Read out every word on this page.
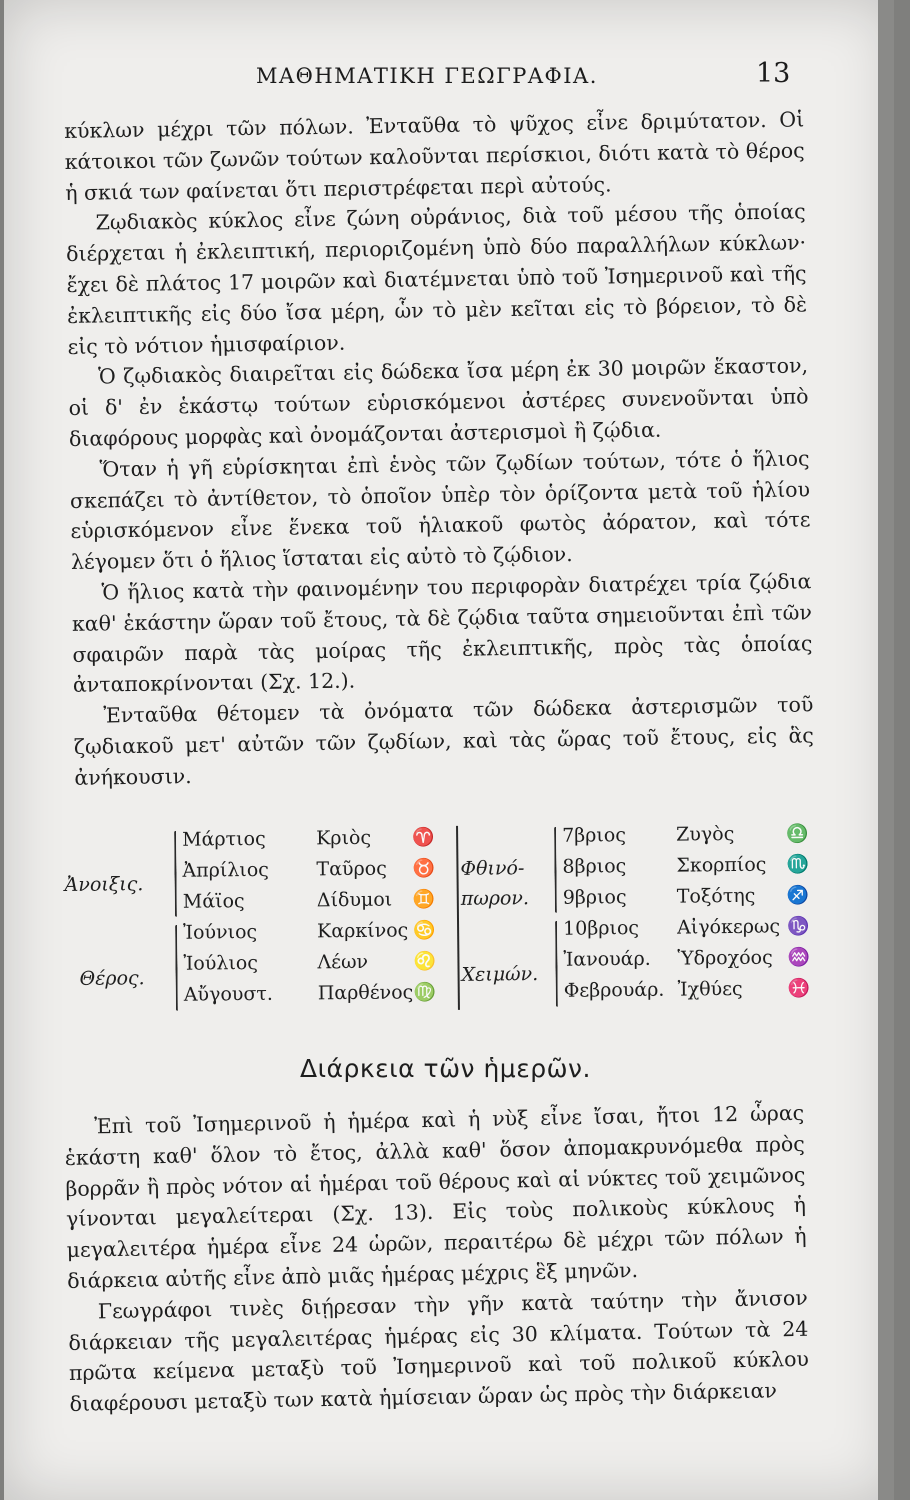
ΜΑΘΗΜΑΤΙΚΗ ΓΕΩΓΡΑΦΙΑ.	13

κύκλων μέχρι τῶν πόλων. Ἐνταῦθα τὸ ψῦχος εἶνε δριμύτατον. Οἱ κάτοικοι τῶν ζωνῶν τούτων καλοῦνται περίσκιοι, διότι κατὰ τὸ θέρος ἡ σκιά των φαίνεται ὅτι περιστρέφεται περὶ αὐτούς.

Ζῳδιακὸς κύκλος εἶνε ζώνη οὐράνιος, διὰ τοῦ μέσου τῆς ὁποίας διέρχεται ἡ ἐκλειπτική, περιοριζομένη ὑπὸ δύο παραλλήλων κύκλων· ἔχει δὲ πλάτος 17 μοιρῶν καὶ διατέμνεται ὑπὸ τοῦ Ἰσημερινοῦ καὶ τῆς ἐκλειπτικῆς εἰς δύο ἴσα μέρη, ὧν τὸ μὲν κεῖται εἰς τὸ βόρειον, τὸ δὲ εἰς τὸ νότιον ἡμισφαίριον.

Ὁ ζῳδιακὸς διαιρεῖται εἰς δώδεκα ἴσα μέρη ἐκ 30 μοιρῶν ἕκαστον, οἱ δ' ἐν ἑκάστῳ τούτων εὑρισκόμενοι ἀστέρες συνενοῦνται ὑπὸ διαφόρους μορφὰς καὶ ὀνομάζονται ἀστερισμοὶ ἢ ζῴδια.

Ὅταν ἡ γῆ εὑρίσκηται ἐπὶ ἑνὸς τῶν ζῳδίων τούτων, τότε ὁ ἥλιος σκεπάζει τὸ ἀντίθετον, τὸ ὁποῖον ὑπὲρ τὸν ὁρίζοντα μετὰ τοῦ ἡλίου εὑρισκόμενον εἶνε ἕνεκα τοῦ ἡλιακοῦ φωτὸς ἀόρατον, καὶ τότε λέγομεν ὅτι ὁ ἥλιος ἵσταται εἰς αὐτὸ τὸ ζῴδιον.

Ὁ ἥλιος κατὰ τὴν φαινομένην του περιφορὰν διατρέχει τρία ζῴδια καθ' ἑκάστην ὥραν τοῦ ἔτους, τὰ δὲ ζῴδια ταῦτα σημειοῦνται ἐπὶ τῶν σφαιρῶν παρὰ τὰς μοίρας τῆς ἐκλειπτικῆς, πρὸς τὰς ὁποίας ἀνταποκρίνονται (Σχ. 12.).

Ἐνταῦθα θέτομεν τὰ ὀνόματα τῶν δώδεκα ἀστερισμῶν τοῦ ζῳδιακοῦ μετ' αὐτῶν τῶν ζῳδίων, καὶ τὰς ὥρας τοῦ ἔτους, εἰς ἃς ἀνήκουσιν.

Ἀνοιξις.
Θέρος.
Μάρτιος
Ἀπρίλιος
Μάϊος
Ἰούνιος
Ἰούλιος
Αὔγουστ.
Κριὸς
Ταῦρος
Δίδυμοι
Καρκίνος
Λέων
Παρθένος
♈
♉
♊
♋
♌
♍
Φθινό-
πωρον.
Χειμών.
7βριος
8βριος
9βριος
10βριος
Ἰανουάρ.
Φεβρουάρ.
Ζυγὸς
Σκορπίος
Τοξότης
Αἰγόκερως
Ὑδροχόος
Ἰχθύες
♎
♏
♐
♑
♒
♓
Διάρκεια τῶν ἡμερῶν.

Ἐπὶ τοῦ Ἰσημερινοῦ ἡ ἡμέρα καὶ ἡ νὺξ εἶνε ἴσαι, ἤτοι 12 ὧρας ἑκάστη καθ' ὅλον τὸ ἔτος, ἀλλὰ καθ' ὅσον ἀπομακρυνόμεθα πρὸς βορρᾶν ἢ πρὸς νότον αἱ ἡμέραι τοῦ θέρους καὶ αἱ νύκτες τοῦ χειμῶνος γίνονται μεγαλείτεραι (Σχ. 13). Εἰς τοὺς πολικοὺς κύκλους ἡ μεγαλειτέρα ἡμέρα εἶνε 24 ὡρῶν, περαιτέρω δὲ μέχρι τῶν πόλων ἡ διάρκεια αὐτῆς εἶνε ἀπὸ μιᾶς ἡμέρας μέχρις ἓξ μηνῶν.

Γεωγράφοι τινὲς διῄρεσαν τὴν γῆν κατὰ ταύτην τὴν ἄνισον διάρκειαν τῆς μεγαλειτέρας ἡμέρας εἰς 30 κλίματα. Τούτων τὰ 24 πρῶτα κείμενα μεταξὺ τοῦ Ἰσημερινοῦ καὶ τοῦ πολικοῦ κύκλου διαφέρουσι μεταξὺ των κατὰ ἡμίσειαν ὥραν ὡς πρὸς τὴν διάρκειαν
